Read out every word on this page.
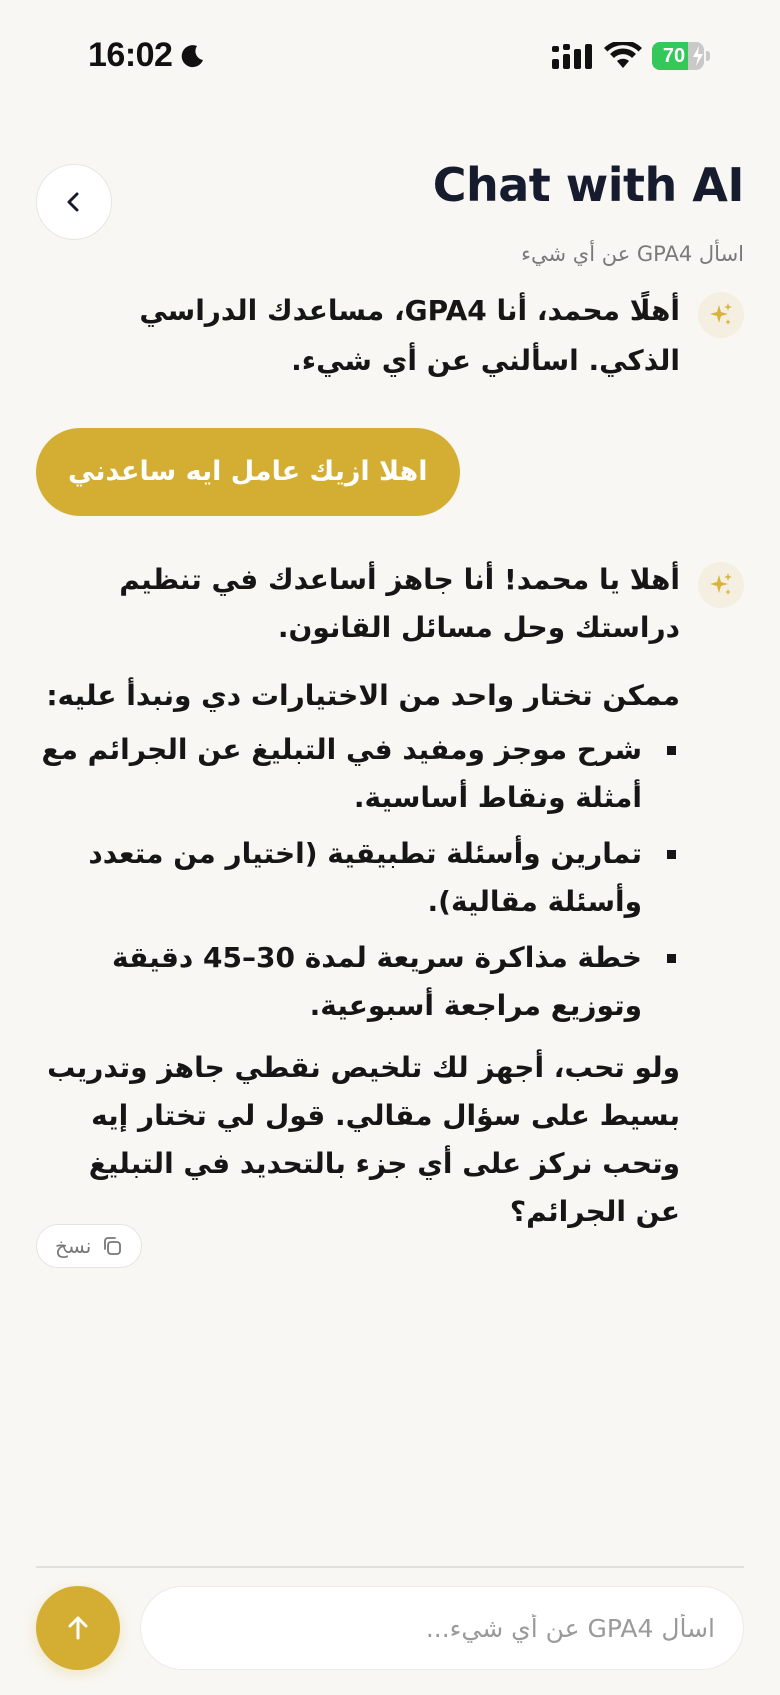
16:02	70
Chat with AI
اسأل GPA4 عن أي شيء

أهلًا محمد، أنا GPA4، مساعدك الدراسي الذكي. اسألني عن أي شيء.

اهلا ازيك عامل ايه ساعدني

أهلا يا محمد! أنا جاهز أساعدك في تنظيم دراستك وحل مسائل القانون.

ممكن تختار واحد من الاختيارات دي ونبدأ عليه:

شرح موجز ومفيد في التبليغ عن الجرائم مع أمثلة ونقاط أساسية.
تمارين وأسئلة تطبيقية (اختيار من متعدد وأسئلة مقالية).
خطة مذاكرة سريعة لمدة 30–45 دقيقة وتوزيع مراجعة أسبوعية.

ولو تحب، أجهز لك تلخيص نقطي جاهز وتدريب بسيط على سؤال مقالي. قول لي تختار إيه وتحب نركز على أي جزء بالتحديد في التبليغ عن الجرائم؟

نسخ
اسأل GPA4 عن أي شيء...
